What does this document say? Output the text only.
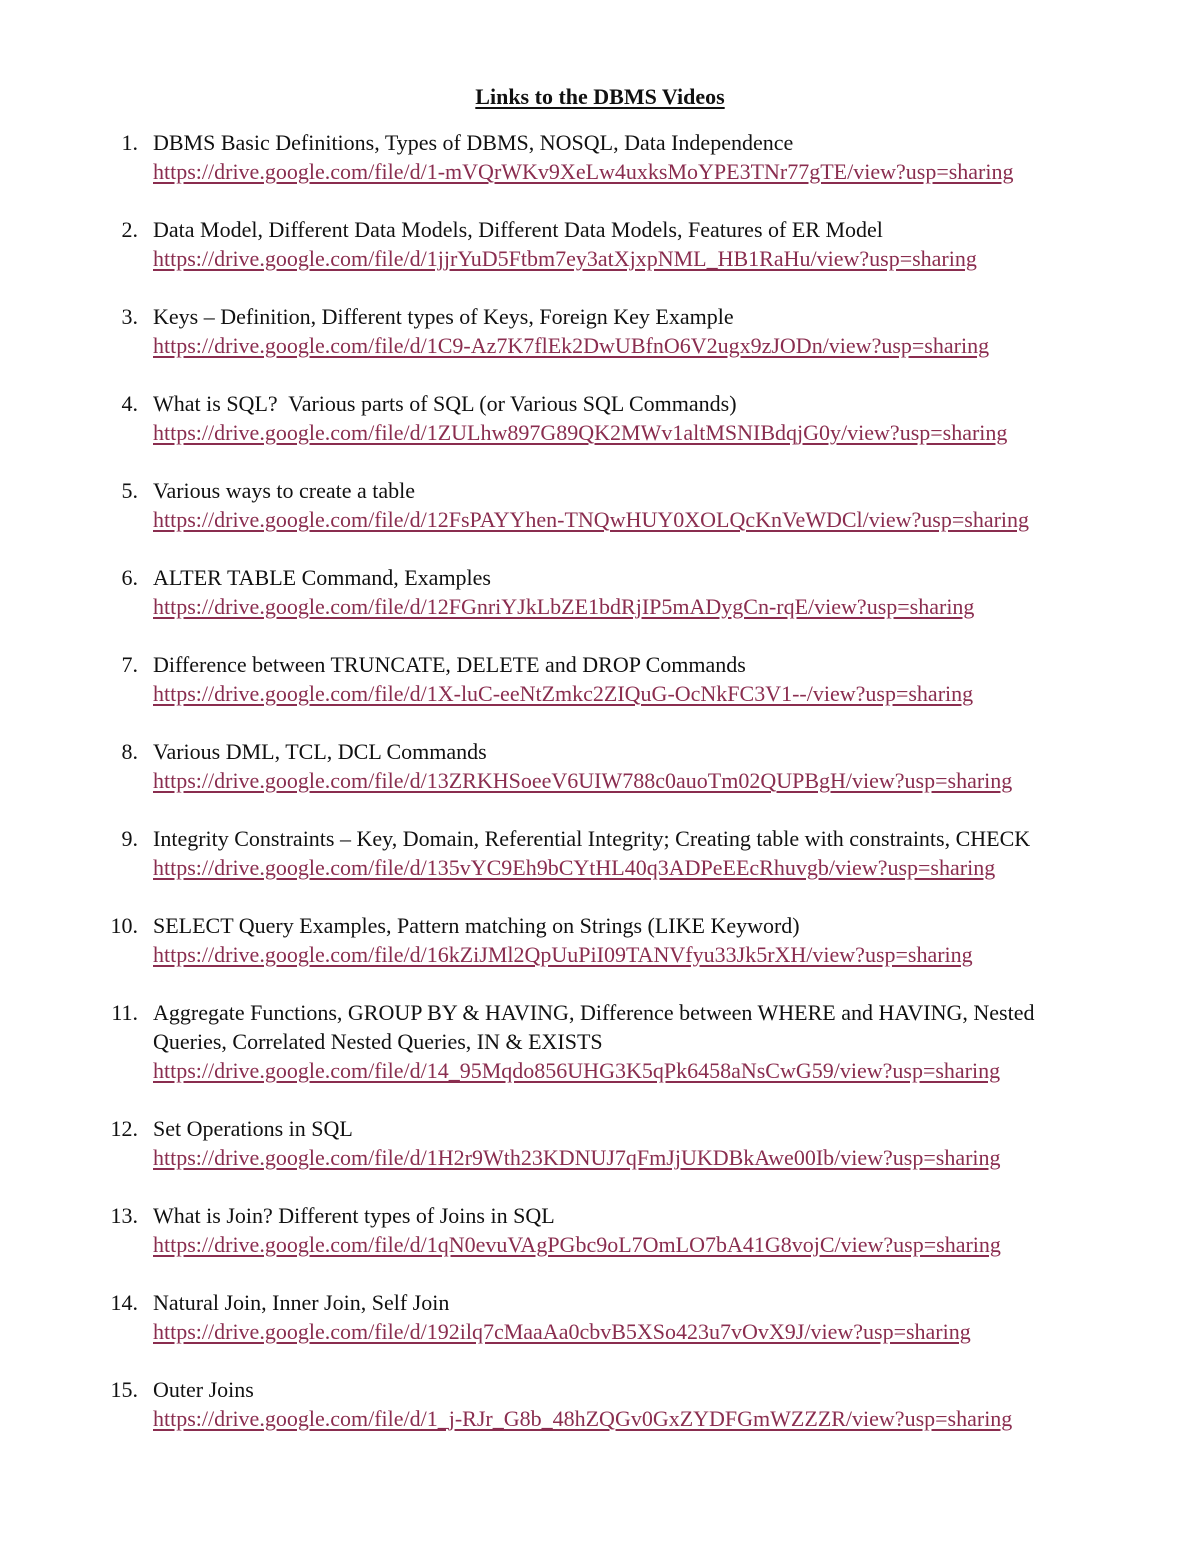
Links to the DBMS Videos
1. DBMS Basic Definitions, Types of DBMS, NOSQL, Data Independence
https://drive.google.com/file/d/1-mVQrWKv9XeLw4uxksMoYPE3TNr77gTE/view?usp=sharing
2. Data Model, Different Data Models, Different Data Models, Features of ER Model
https://drive.google.com/file/d/1jjrYuD5Ftbm7ey3atXjxpNML_HB1RaHu/view?usp=sharing
3. Keys – Definition, Different types of Keys, Foreign Key Example
https://drive.google.com/file/d/1C9-Az7K7flEk2DwUBfnO6V2ugx9zJODn/view?usp=sharing
4. What is SQL?  Various parts of SQL (or Various SQL Commands)
https://drive.google.com/file/d/1ZULhw897G89QK2MWv1altMSNIBdqjG0y/view?usp=sharing
5. Various ways to create a table
https://drive.google.com/file/d/12FsPAYYhen-TNQwHUY0XOLQcKnVeWDCl/view?usp=sharing
6. ALTER TABLE Command, Examples
https://drive.google.com/file/d/12FGnriYJkLbZE1bdRjIP5mADygCn-rqE/view?usp=sharing
7. Difference between TRUNCATE, DELETE and DROP Commands
https://drive.google.com/file/d/1X-luC-eeNtZmkc2ZIQuG-OcNkFC3V1--/view?usp=sharing
8. Various DML, TCL, DCL Commands
https://drive.google.com/file/d/13ZRKHSoeeV6UIW788c0auoTm02QUPBgH/view?usp=sharing
9. Integrity Constraints – Key, Domain, Referential Integrity; Creating table with constraints, CHECK
https://drive.google.com/file/d/135vYC9Eh9bCYtHL40q3ADPeEEcRhuvgb/view?usp=sharing
10. SELECT Query Examples, Pattern matching on Strings (LIKE Keyword)
https://drive.google.com/file/d/16kZiJMl2QpUuPiI09TANVfyu33Jk5rXH/view?usp=sharing
11. Aggregate Functions, GROUP BY & HAVING, Difference between WHERE and HAVING, Nested Queries, Correlated Nested Queries, IN & EXISTS
https://drive.google.com/file/d/14_95Mqdo856UHG3K5qPk6458aNsCwG59/view?usp=sharing
12. Set Operations in SQL
https://drive.google.com/file/d/1H2r9Wth23KDNUJ7qFmJjUKDBkAwe00Ib/view?usp=sharing
13. What is Join? Different types of Joins in SQL
https://drive.google.com/file/d/1qN0evuVAgPGbc9oL7OmLO7bA41G8vojC/view?usp=sharing
14. Natural Join, Inner Join, Self Join
https://drive.google.com/file/d/192ilq7cMaaAa0cbvB5XSo423u7vOvX9J/view?usp=sharing
15. Outer Joins
https://drive.google.com/file/d/1_j-RJr_G8b_48hZQGv0GxZYDFGmWZZZR/view?usp=sharing
